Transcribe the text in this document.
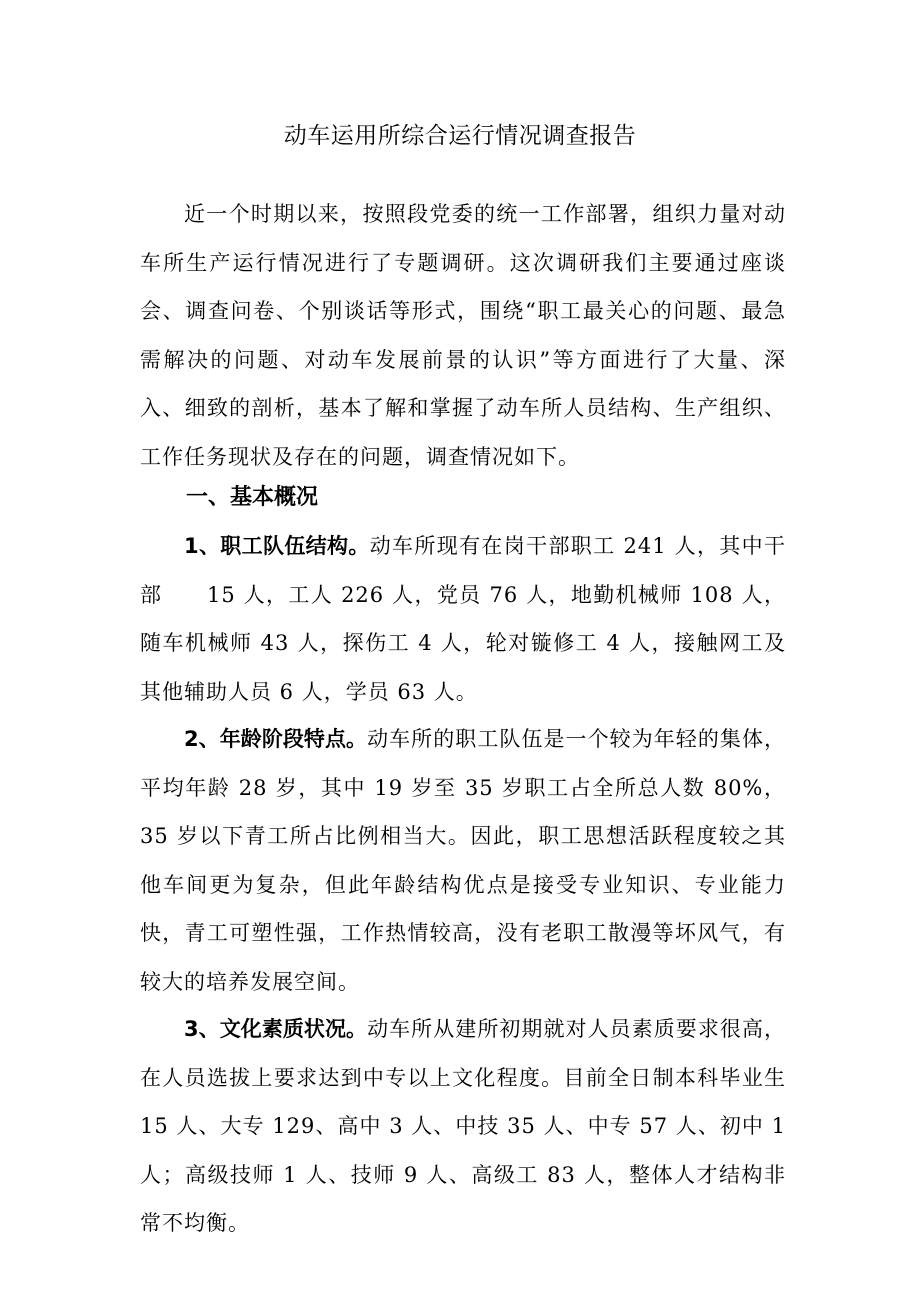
动车运用所综合运行情况调查报告

近一个时期以来，按照段党委的统一工作部署，组织力量对动车所生产运行情况进行了专题调研。这次调研我们主要通过座谈会、调查问卷、个别谈话等形式，围绕“职工最关心的问题、最急需解决的问题、对动车发展前景的认识”等方面进行了大量、深入、细致的剖析，基本了解和掌握了动车所人员结构、生产组织、工作任务现状及存在的问题，调查情况如下。

一、基本概况

1、职工队伍结构。动车所现有在岗干部职工 241 人，其中干部　　15 人，工人 226 人，党员 76 人，地勤机械师 108 人，随车机械师 43 人，探伤工 4 人，轮对镟修工 4 人，接触网工及其他辅助人员 6 人，学员 63 人。

2、年龄阶段特点。动车所的职工队伍是一个较为年轻的集体，平均年龄 28 岁，其中 19 岁至 35 岁职工占全所总人数 80%，35 岁以下青工所占比例相当大。因此，职工思想活跃程度较之其他车间更为复杂，但此年龄结构优点是接受专业知识、专业能力快，青工可塑性强，工作热情较高，没有老职工散漫等坏风气，有较大的培养发展空间。

3、文化素质状况。动车所从建所初期就对人员素质要求很高，在人员选拔上要求达到中专以上文化程度。目前全日制本科毕业生 15 人、大专 129、高中 3 人、中技 35 人、中专 57 人、初中 1 人；高级技师 1 人、技师 9 人、高级工 83 人，整体人才结构非常不均衡。
